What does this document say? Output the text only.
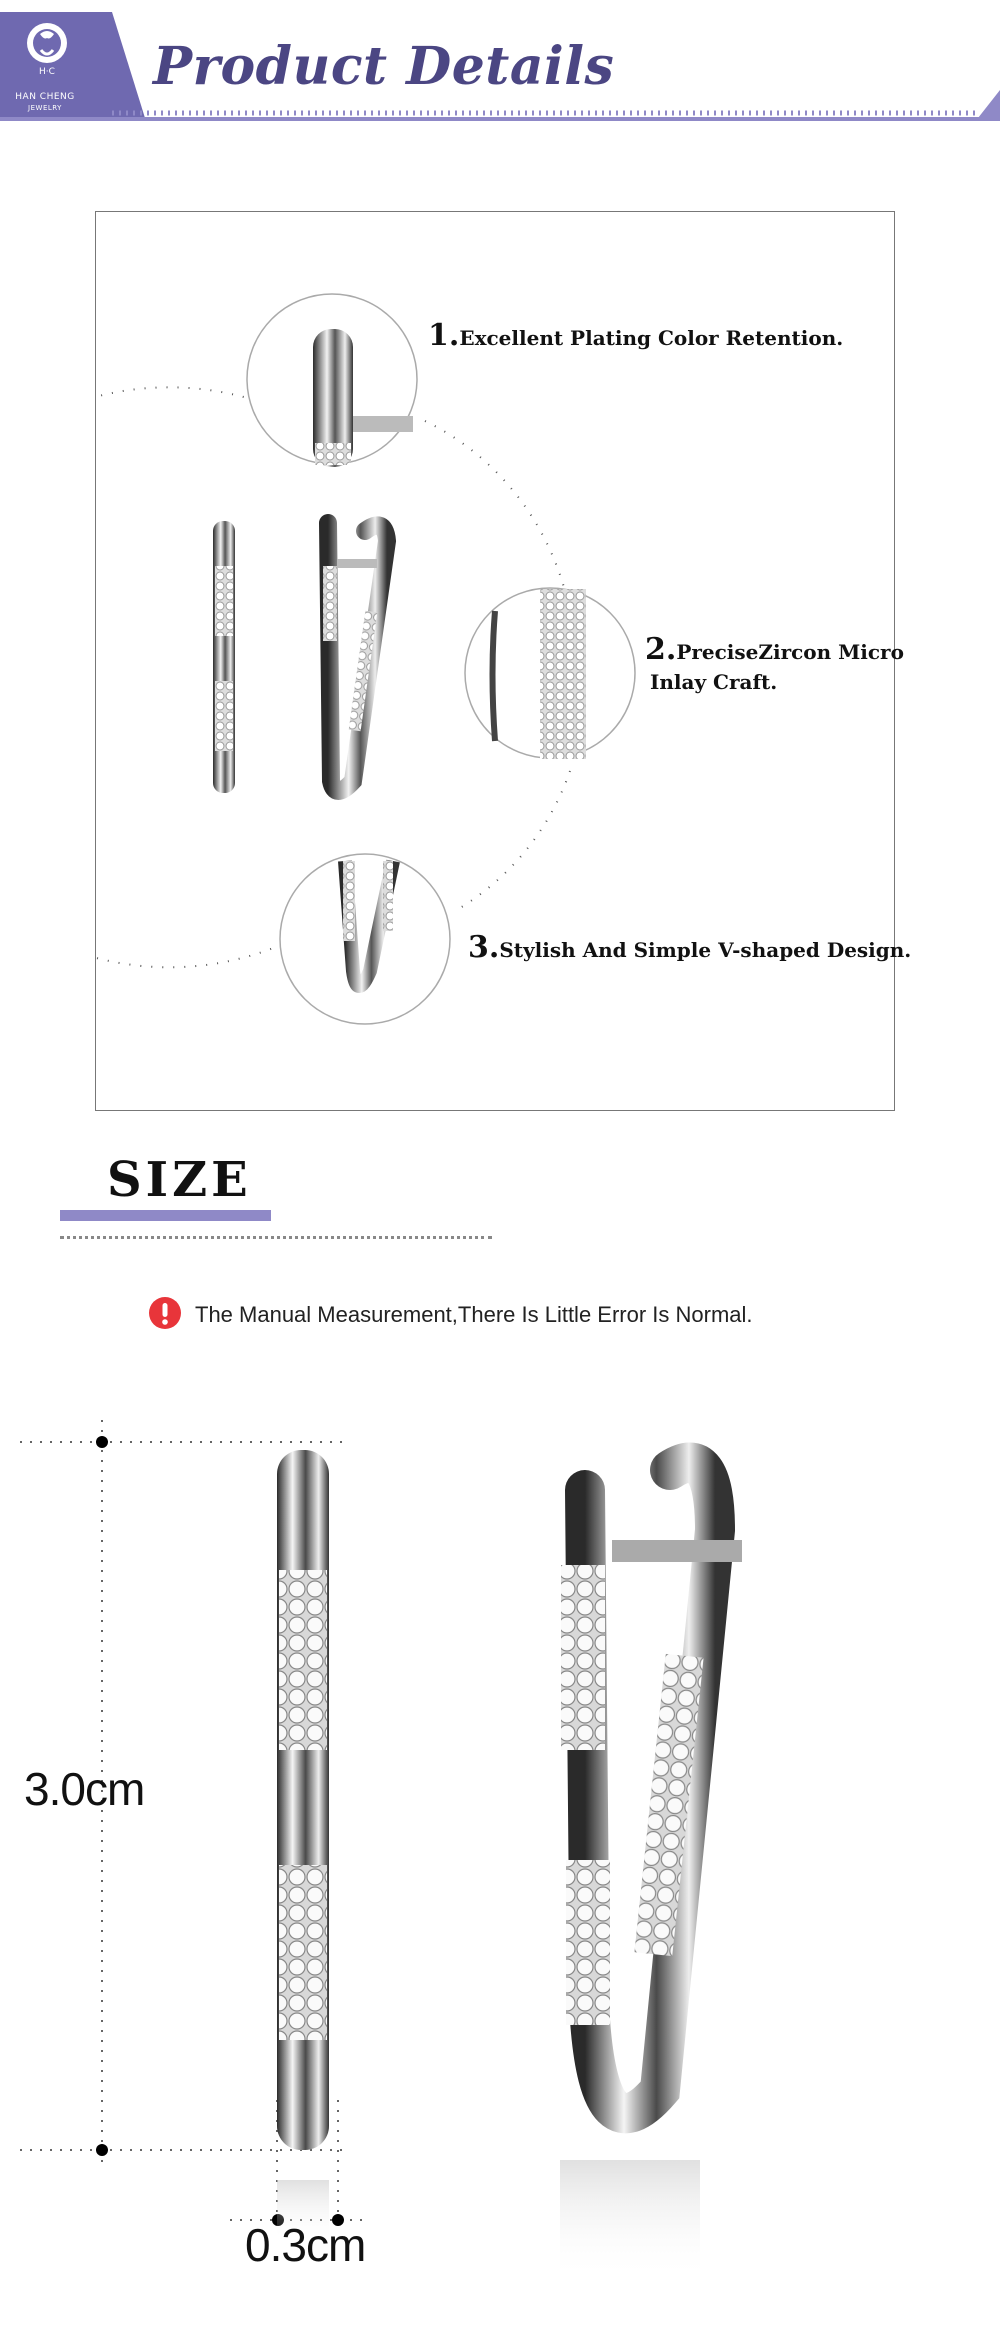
H·C
HAN CHENG
JEWELRY
Product Details
1.Excellent Plating Color Retention.
2.PreciseZircon Micro
Inlay Craft.
3.Stylish And Simple V-shaped Design.
SIZE
The Manual Measurement,There Is Little Error Is Normal.
3.0cm
0.3cm
